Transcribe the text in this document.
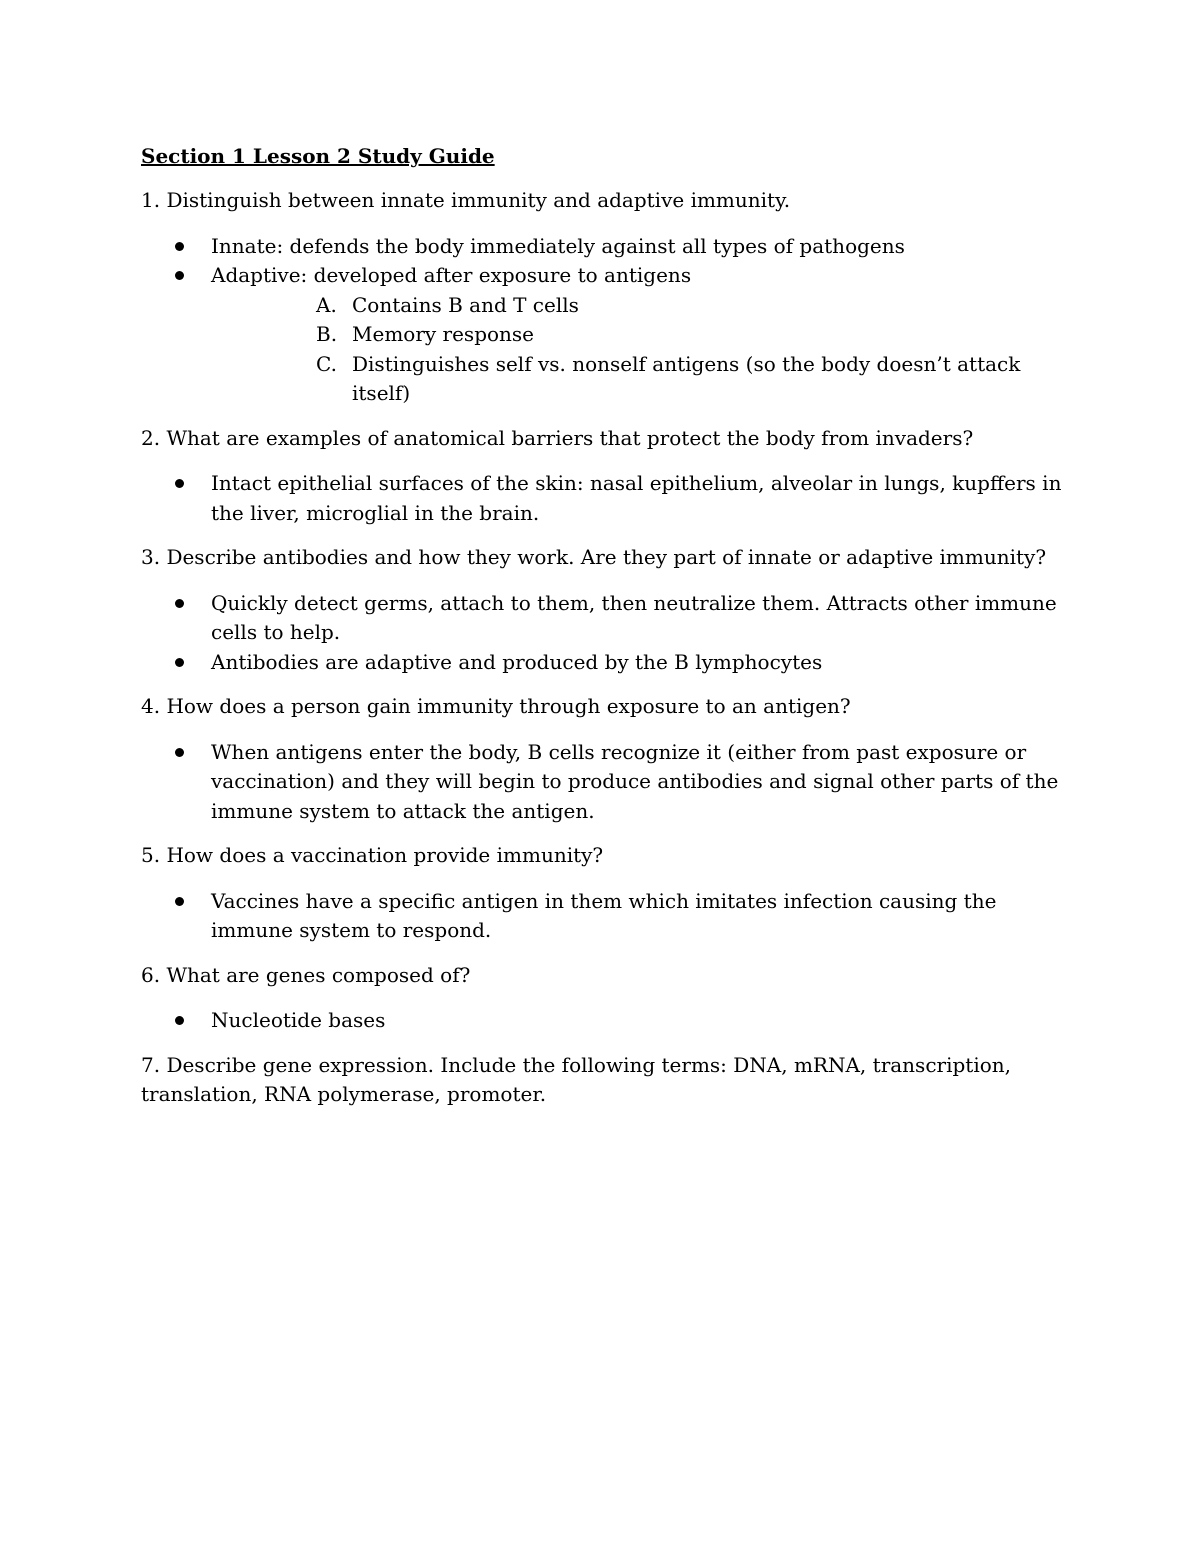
Section 1 Lesson 2 Study Guide
1. Distinguish between innate immunity and adaptive immunity.
Innate: defends the body immediately against all types of pathogens
Adaptive: developed after exposure to antigens
A. Contains B and T cells
B. Memory response
C. Distinguishes self vs. nonself antigens (so the body doesn’t attack itself)
2. What are examples of anatomical barriers that protect the body from invaders?
Intact epithelial surfaces of the skin: nasal epithelium, alveolar in lungs, kupffers in the liver, microglial in the brain.
3. Describe antibodies and how they work. Are they part of innate or adaptive immunity?
Quickly detect germs, attach to them, then neutralize them. Attracts other immune cells to help.
Antibodies are adaptive and produced by the B lymphocytes
4. How does a person gain immunity through exposure to an antigen?
When antigens enter the body, B cells recognize it (either from past exposure or vaccination) and they will begin to produce antibodies and signal other parts of the immune system to attack the antigen.
5. How does a vaccination provide immunity?
Vaccines have a specific antigen in them which imitates infection causing the immune system to respond.
6. What are genes composed of?
Nucleotide bases
7. Describe gene expression. Include the following terms: DNA, mRNA, transcription, translation, RNA polymerase, promoter.
